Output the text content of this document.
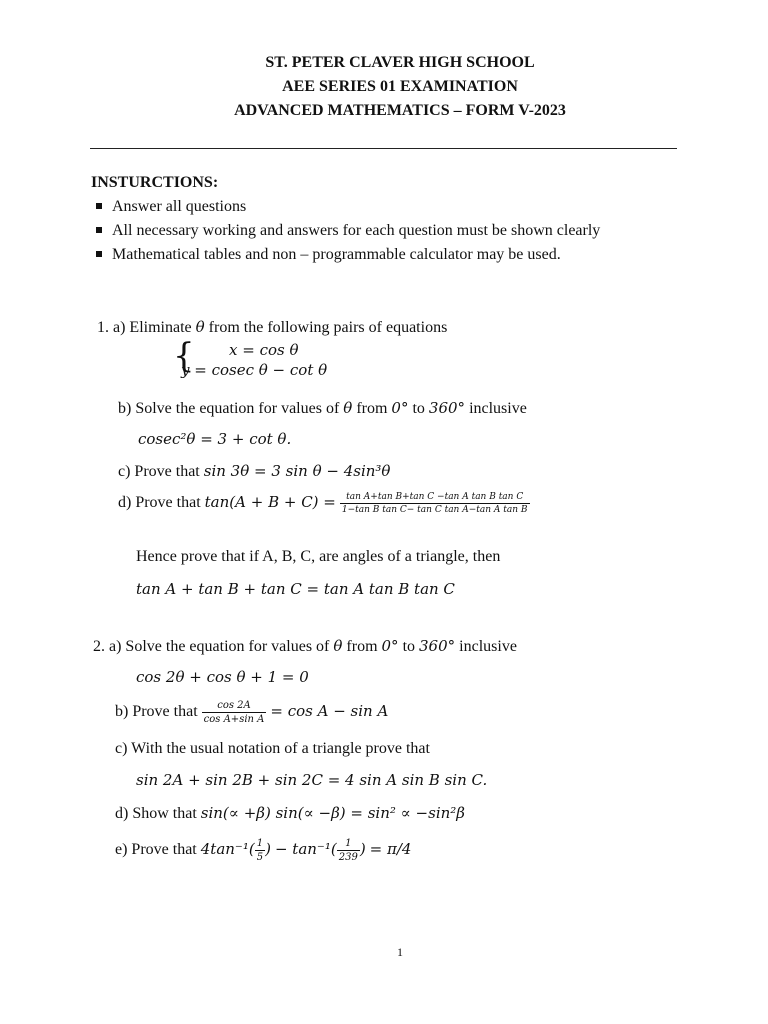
ST. PETER CLAVER HIGH SCHOOL
AEE SERIES 01 EXAMINATION
ADVANCED MATHEMATICS – FORM V-2023
INSTURCTIONS:
Answer all questions
All necessary working and answers for each question must be shown clearly
Mathematical tables and non – programmable calculator may be used.
1. a) Eliminate θ from the following pairs of equations
{ x = cos θ
y = cosec θ − cot θ
b) Solve the equation for values of θ from 0° to 360° inclusive
cosec²θ = 3 + cot θ.
c) Prove that sin 3θ = 3 sin θ − 4sin³θ
d) Prove that $\tan(A + B + C) = \frac{\text{tan A+tan B+tan C −tan A tan B tan C}}{\text{1−tan B tan C− tan C tan A−tan A tan B}}$
Hence prove that if A, B, C, are angles of a triangle, then
tan A + tan B + tan C = tan A tan B tan C
2. a) Solve the equation for values of θ from 0° to 360° inclusive
cos 2θ + cos θ + 1 = 0
b) Prove that $\frac{\cos 2A}{\text{cos A+sin A}} = \cos A - \sin A$
c) With the usual notation of a triangle prove that
sin 2A + sin 2B + sin 2C = 4 sin A sin B sin C.
d) Show that sin(∝ +β) sin(∝ −β) = sin² ∝ −sin²β
e) Prove that $4\tan^{-1}( \frac{1}{5}$ ) − $\tan^{-1}( \frac{1}{239}$ ) = π/4
1
